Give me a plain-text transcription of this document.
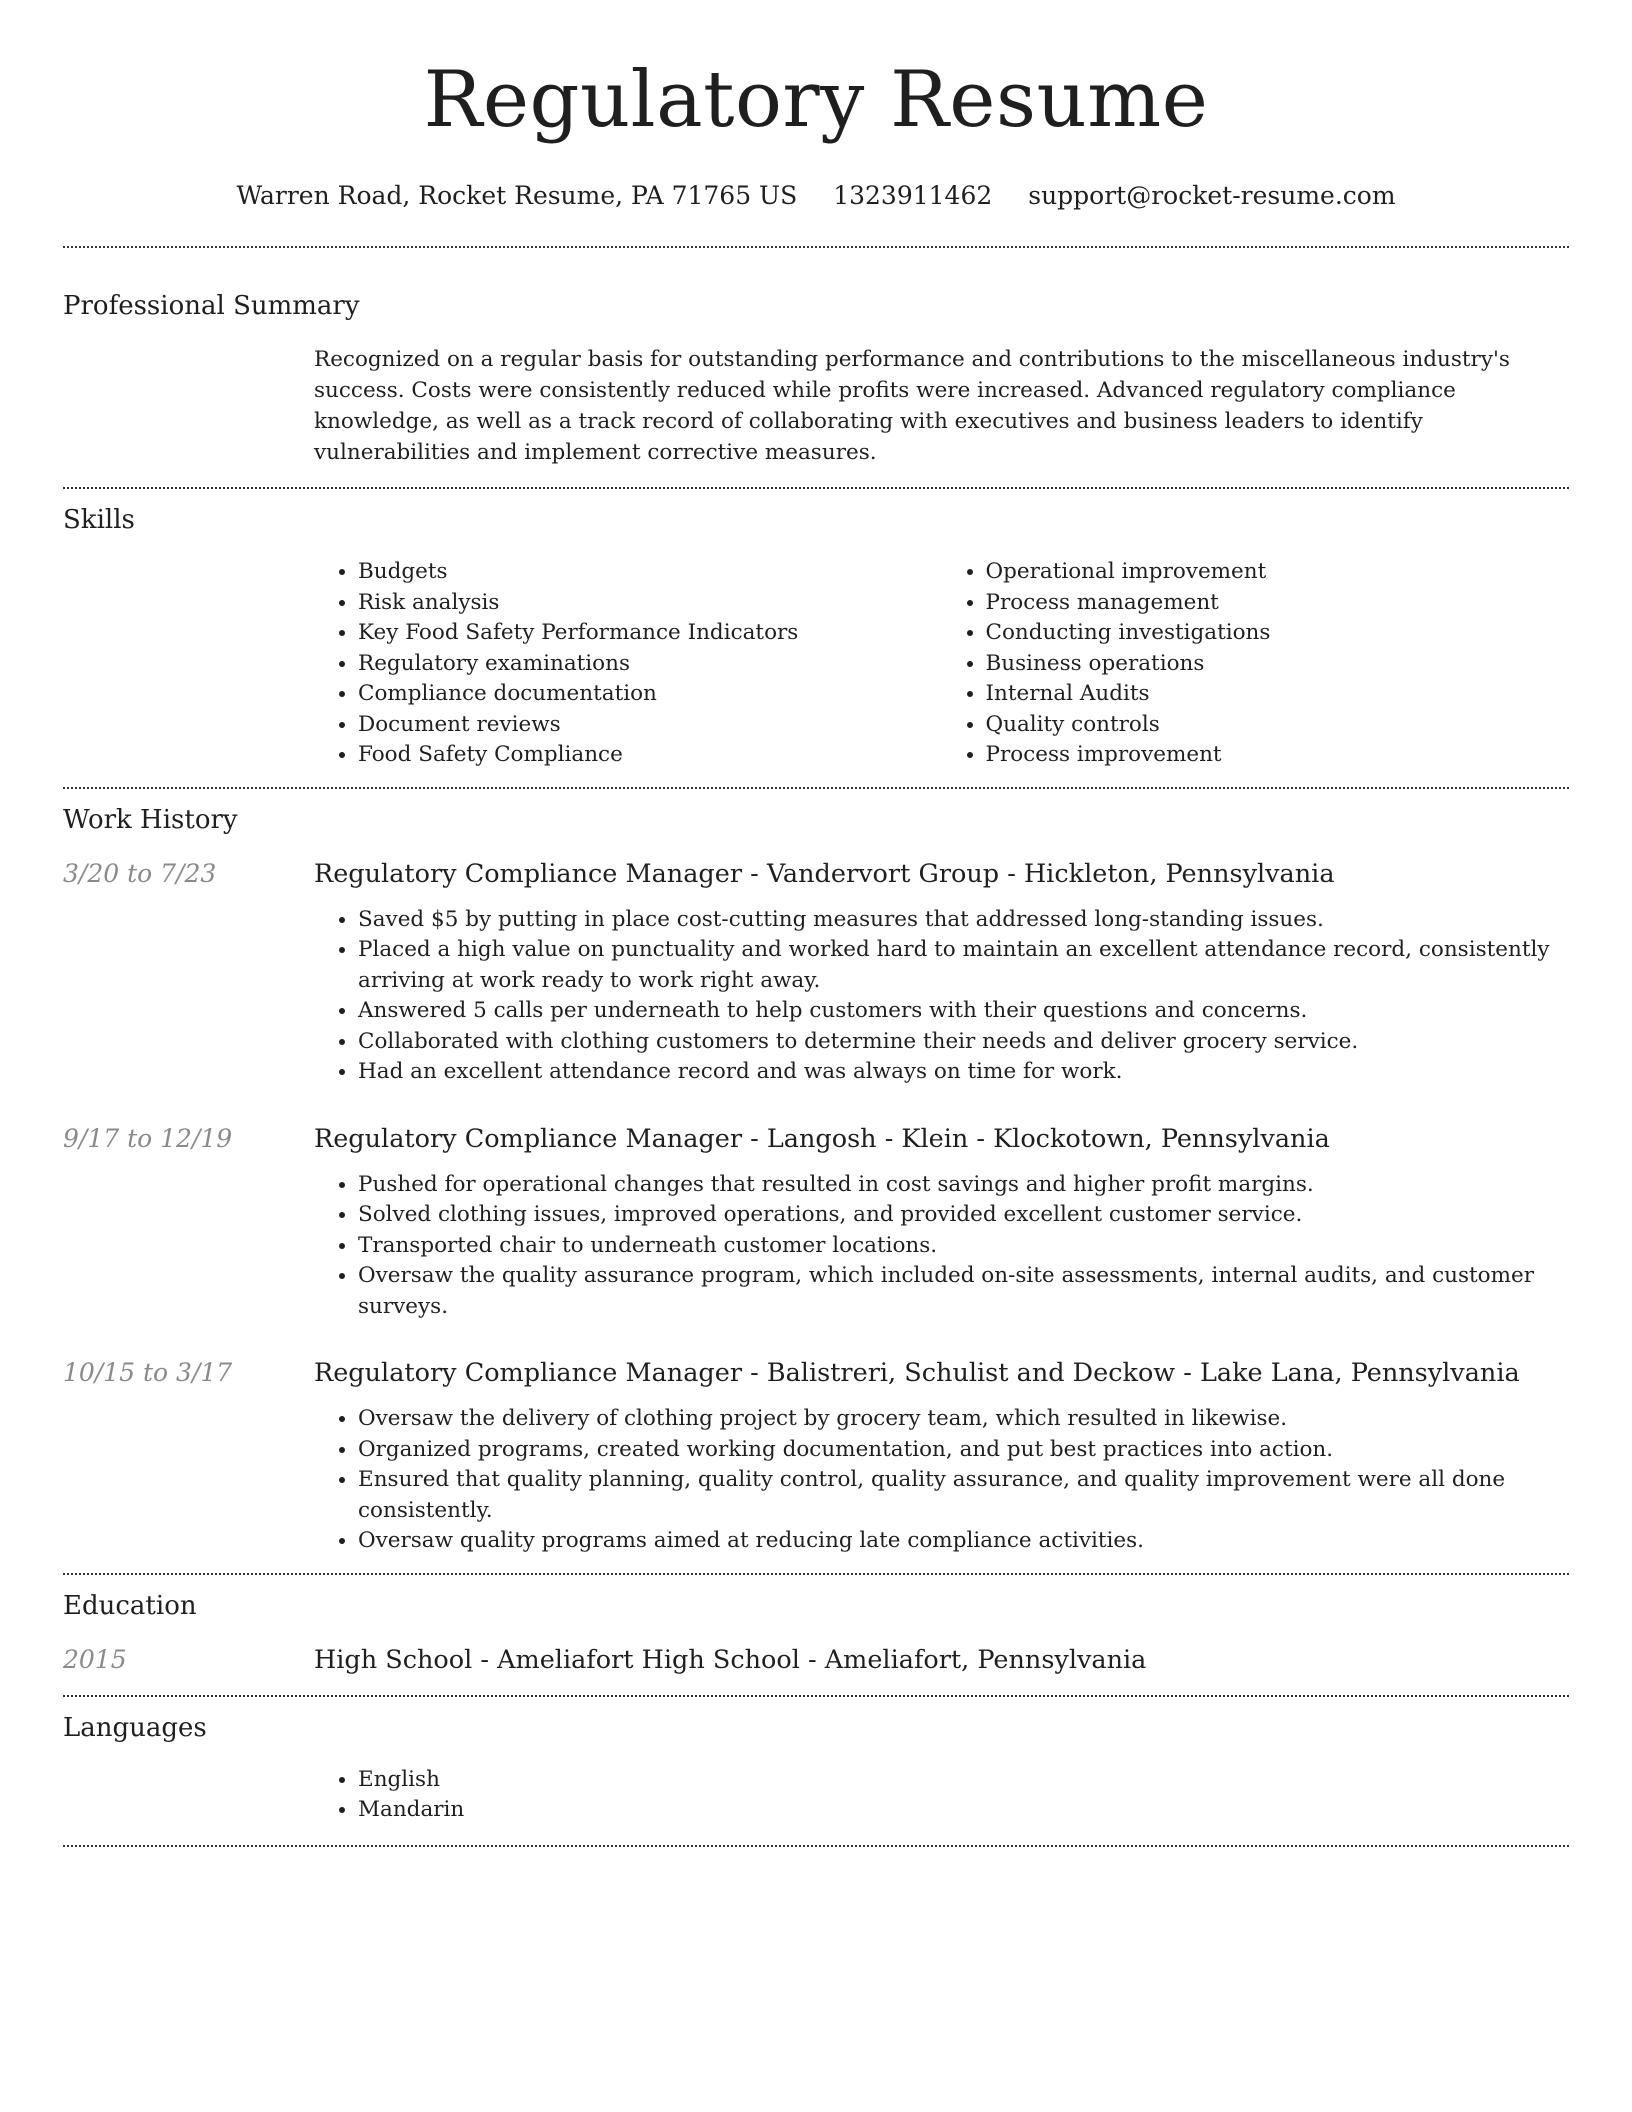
Regulatory Resume
Warren Road, Rocket Resume, PA 71765 US 1323911462 support@rocket-resume.com
Professional Summary

Recognized on a regular basis for outstanding performance and contributions to the miscellaneous industry's success. Costs were consistently reduced while profits were increased. Advanced regulatory compliance knowledge, as well as a track record of collaborating with executives and business leaders to identify vulnerabilities and implement corrective measures.

Skills
• Budgets
• Risk analysis
• Key Food Safety Performance Indicators
• Regulatory examinations
• Compliance documentation
• Document reviews
• Food Safety Compliance
• Operational improvement
• Process management
• Conducting investigations
• Business operations
• Internal Audits
• Quality controls
• Process improvement
Work History
3/20 to 7/23	Regulatory Compliance Manager - Vandervort Group - Hickleton, Pennsylvania
• Saved $5 by putting in place cost-cutting measures that addressed long-standing issues.
• Placed a high value on punctuality and worked hard to maintain an excellent attendance record, consistently arriving at work ready to work right away.
• Answered 5 calls per underneath to help customers with their questions and concerns.
• Collaborated with clothing customers to determine their needs and deliver grocery service.
• Had an excellent attendance record and was always on time for work.
9/17 to 12/19	Regulatory Compliance Manager - Langosh - Klein - Klockotown, Pennsylvania
• Pushed for operational changes that resulted in cost savings and higher profit margins.
• Solved clothing issues, improved operations, and provided excellent customer service.
• Transported chair to underneath customer locations.
• Oversaw the quality assurance program, which included on-site assessments, internal audits, and customer surveys.
10/15 to 3/17	Regulatory Compliance Manager - Balistreri, Schulist and Deckow - Lake Lana, Pennsylvania
• Oversaw the delivery of clothing project by grocery team, which resulted in likewise.
• Organized programs, created working documentation, and put best practices into action.
• Ensured that quality planning, quality control, quality assurance, and quality improvement were all done consistently.
• Oversaw quality programs aimed at reducing late compliance activities.
Education
2015	High School - Ameliafort High School - Ameliafort, Pennsylvania
Languages
• English
• Mandarin
